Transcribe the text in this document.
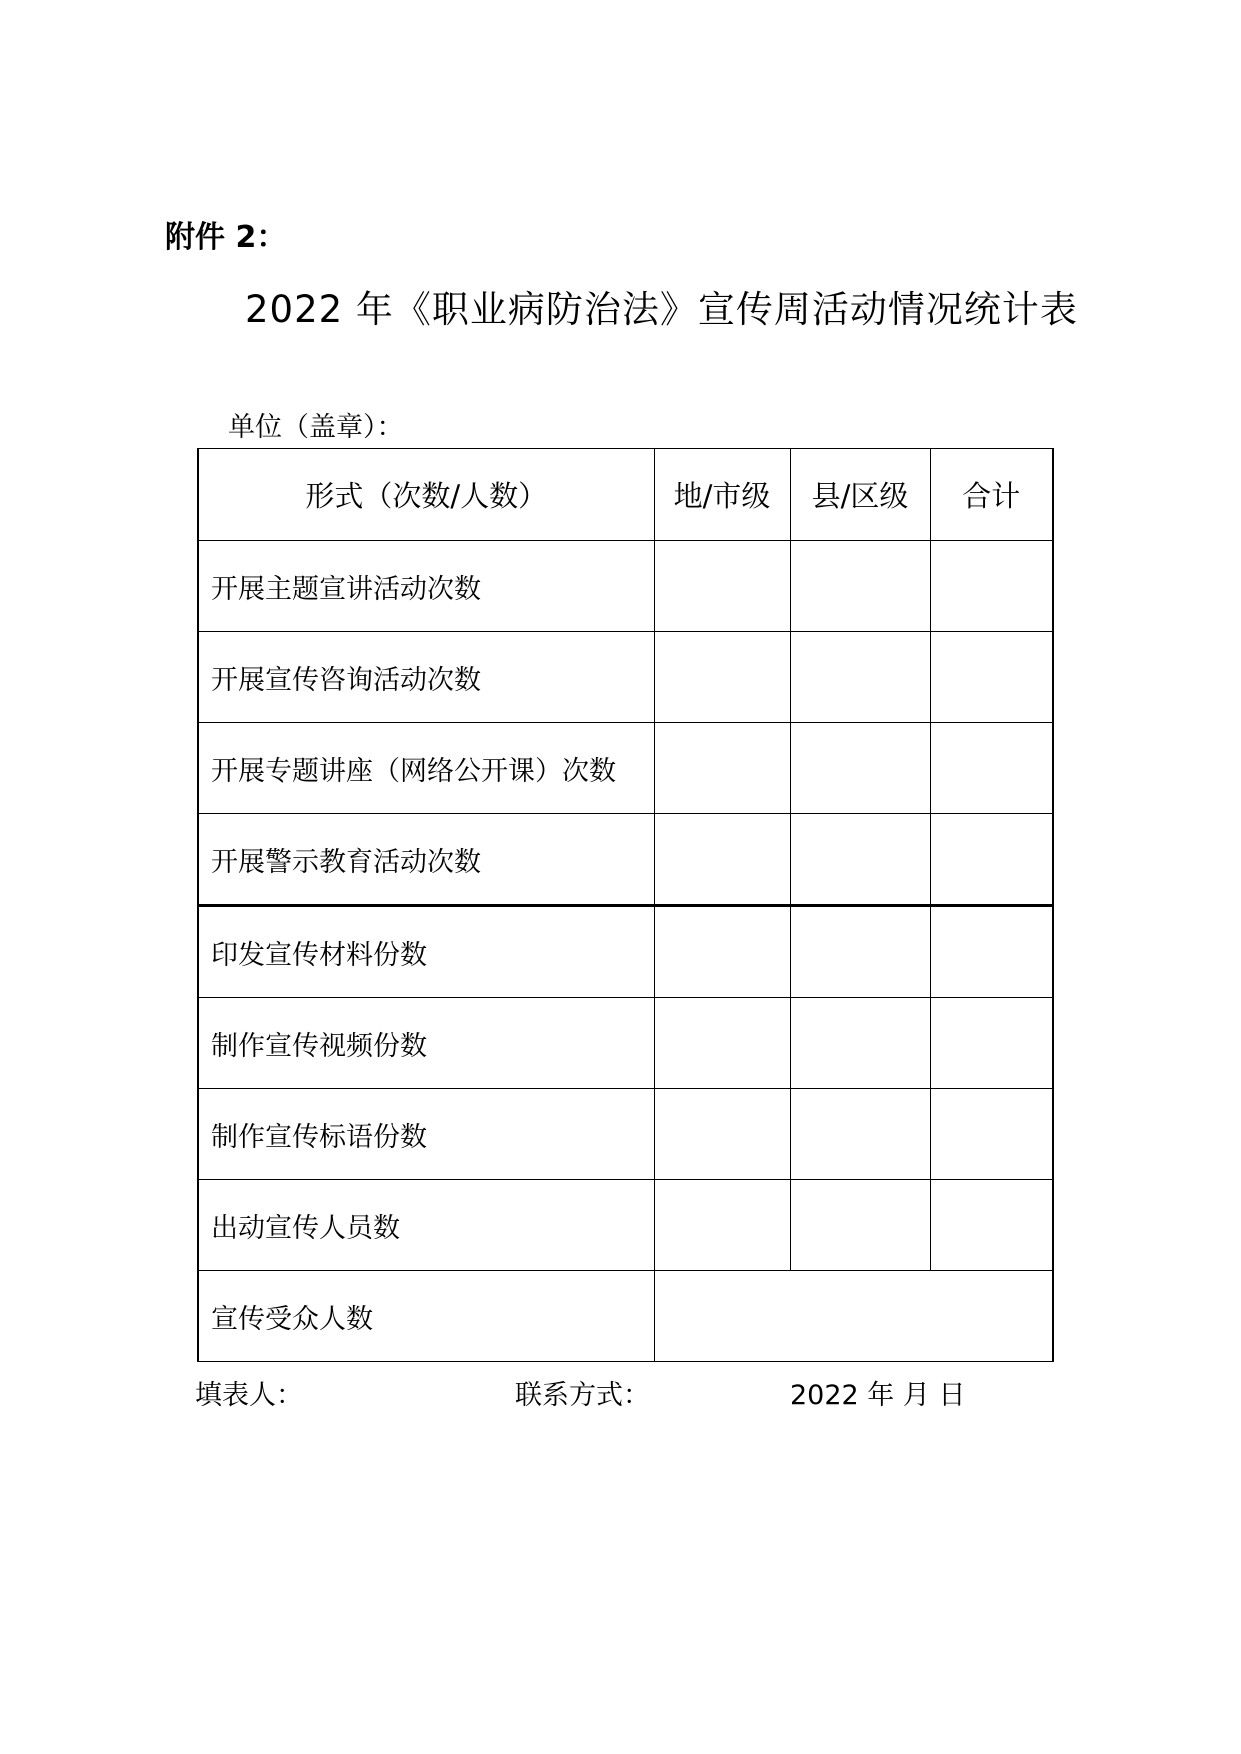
附件 2：
2022 年《职业病防治法》宣传周活动情况统计表
单位（盖章）：
形式（次数/人数）	地/市级	县/区级	合计
开展主题宣讲活动次数			
开展宣传咨询活动次数			
开展专题讲座（网络公开课）次数			
开展警示教育活动次数			
印发宣传材料份数			
制作宣传视频份数			
制作宣传标语份数			
出动宣传人员数			
宣传受众人数			
填表人：	联系方式：	2022 年 月 日
